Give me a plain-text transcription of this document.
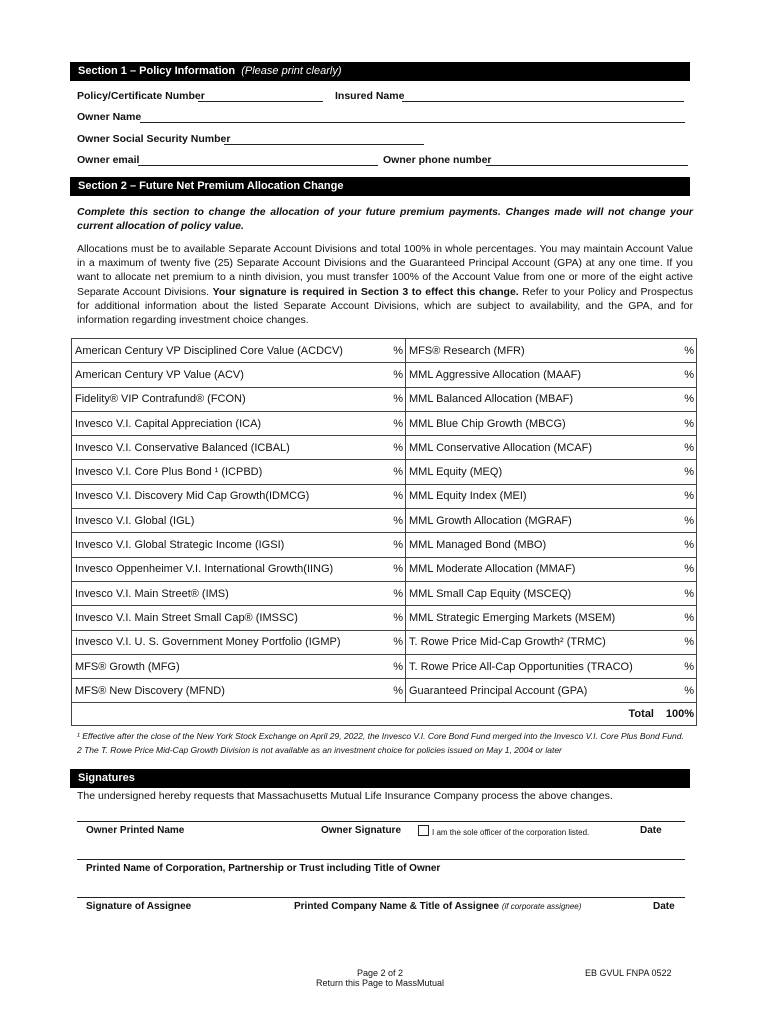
Section 1 – Policy Information (Please print clearly)
Policy/Certificate Number	Insured Name
Owner Name
Owner Social Security Number
Owner email	Owner phone number
Section 2 – Future Net Premium Allocation Change
Complete this section to change the allocation of your future premium payments. Changes made will not change your current allocation of policy value.
Allocations must be to available Separate Account Divisions and total 100% in whole percentages. You may maintain Account Value in a maximum of twenty five (25) Separate Account Divisions and the Guaranteed Principal Account (GPA) at any one time. If you want to allocate net premium to a ninth division, you must transfer 100% of the Account Value from one or more of the eight active Separate Account Divisions. Your signature is required in Section 3 to effect this change. Refer to your Policy and Prospectus for additional information about the listed Separate Account Divisions, which are subject to availability, and the GPA, and for information regarding investment choice changes.
American Century VP Disciplined Core Value (ACDCV)	%	MFS® Research (MFR)	%
American Century VP Value (ACV)	%	MML Aggressive Allocation (MAAF)	%
Fidelity® VIP Contrafund® (FCON)	%	MML Balanced Allocation (MBAF)	%
Invesco V.I. Capital Appreciation (ICA)	%	MML Blue Chip Growth (MBCG)	%
Invesco V.I. Conservative Balanced (ICBAL)	%	MML Conservative Allocation (MCAF)	%
Invesco V.I. Core Plus Bond ¹ (ICPBD)	%	MML Equity (MEQ)	%
Invesco V.I. Discovery Mid Cap Growth(IDMCG)	%	MML Equity Index (MEI)	%
Invesco V.I. Global (IGL)	%	MML Growth Allocation (MGRAF)	%
Invesco V.I. Global Strategic Income (IGSI)	%	MML Managed Bond (MBO)	%
Invesco Oppenheimer V.I. International Growth(IING)	%	MML Moderate Allocation (MMAF)	%
Invesco V.I. Main Street® (IMS)	%	MML Small Cap Equity (MSCEQ)	%
Invesco V.I. Main Street Small Cap® (IMSSC)	%	MML Strategic Emerging Markets (MSEM)	%
Invesco V.I. U. S. Government Money Portfolio (IGMP)	%	T. Rowe Price Mid-Cap Growth² (TRMC)	%
MFS® Growth (MFG)	%	T. Rowe Price All-Cap Opportunities (TRACO)	%
MFS® New Discovery (MFND)	%	Guaranteed Principal Account (GPA)	%
		Total	100%
¹ Effective after the close of the New York Stock Exchange on April 29, 2022, the Invesco V.I. Core Bond Fund merged into the Invesco V.I. Core Plus Bond Fund.
2 The T. Rowe Price Mid-Cap Growth Division is not available as an investment choice for policies issued on May 1, 2004 or later
Signatures
The undersigned hereby requests that Massachusetts Mutual Life Insurance Company process the above changes.
Owner Printed Name	Owner Signature	I am the sole officer of the corporation listed.	Date
Printed Name of Corporation, Partnership or Trust including Title of Owner
Signature of Assignee	Printed Company Name & Title of Assignee (if corporate assignee)	Date
Page 2 of 2
Return this Page to MassMutual
EB GVUL FNPA 0522
